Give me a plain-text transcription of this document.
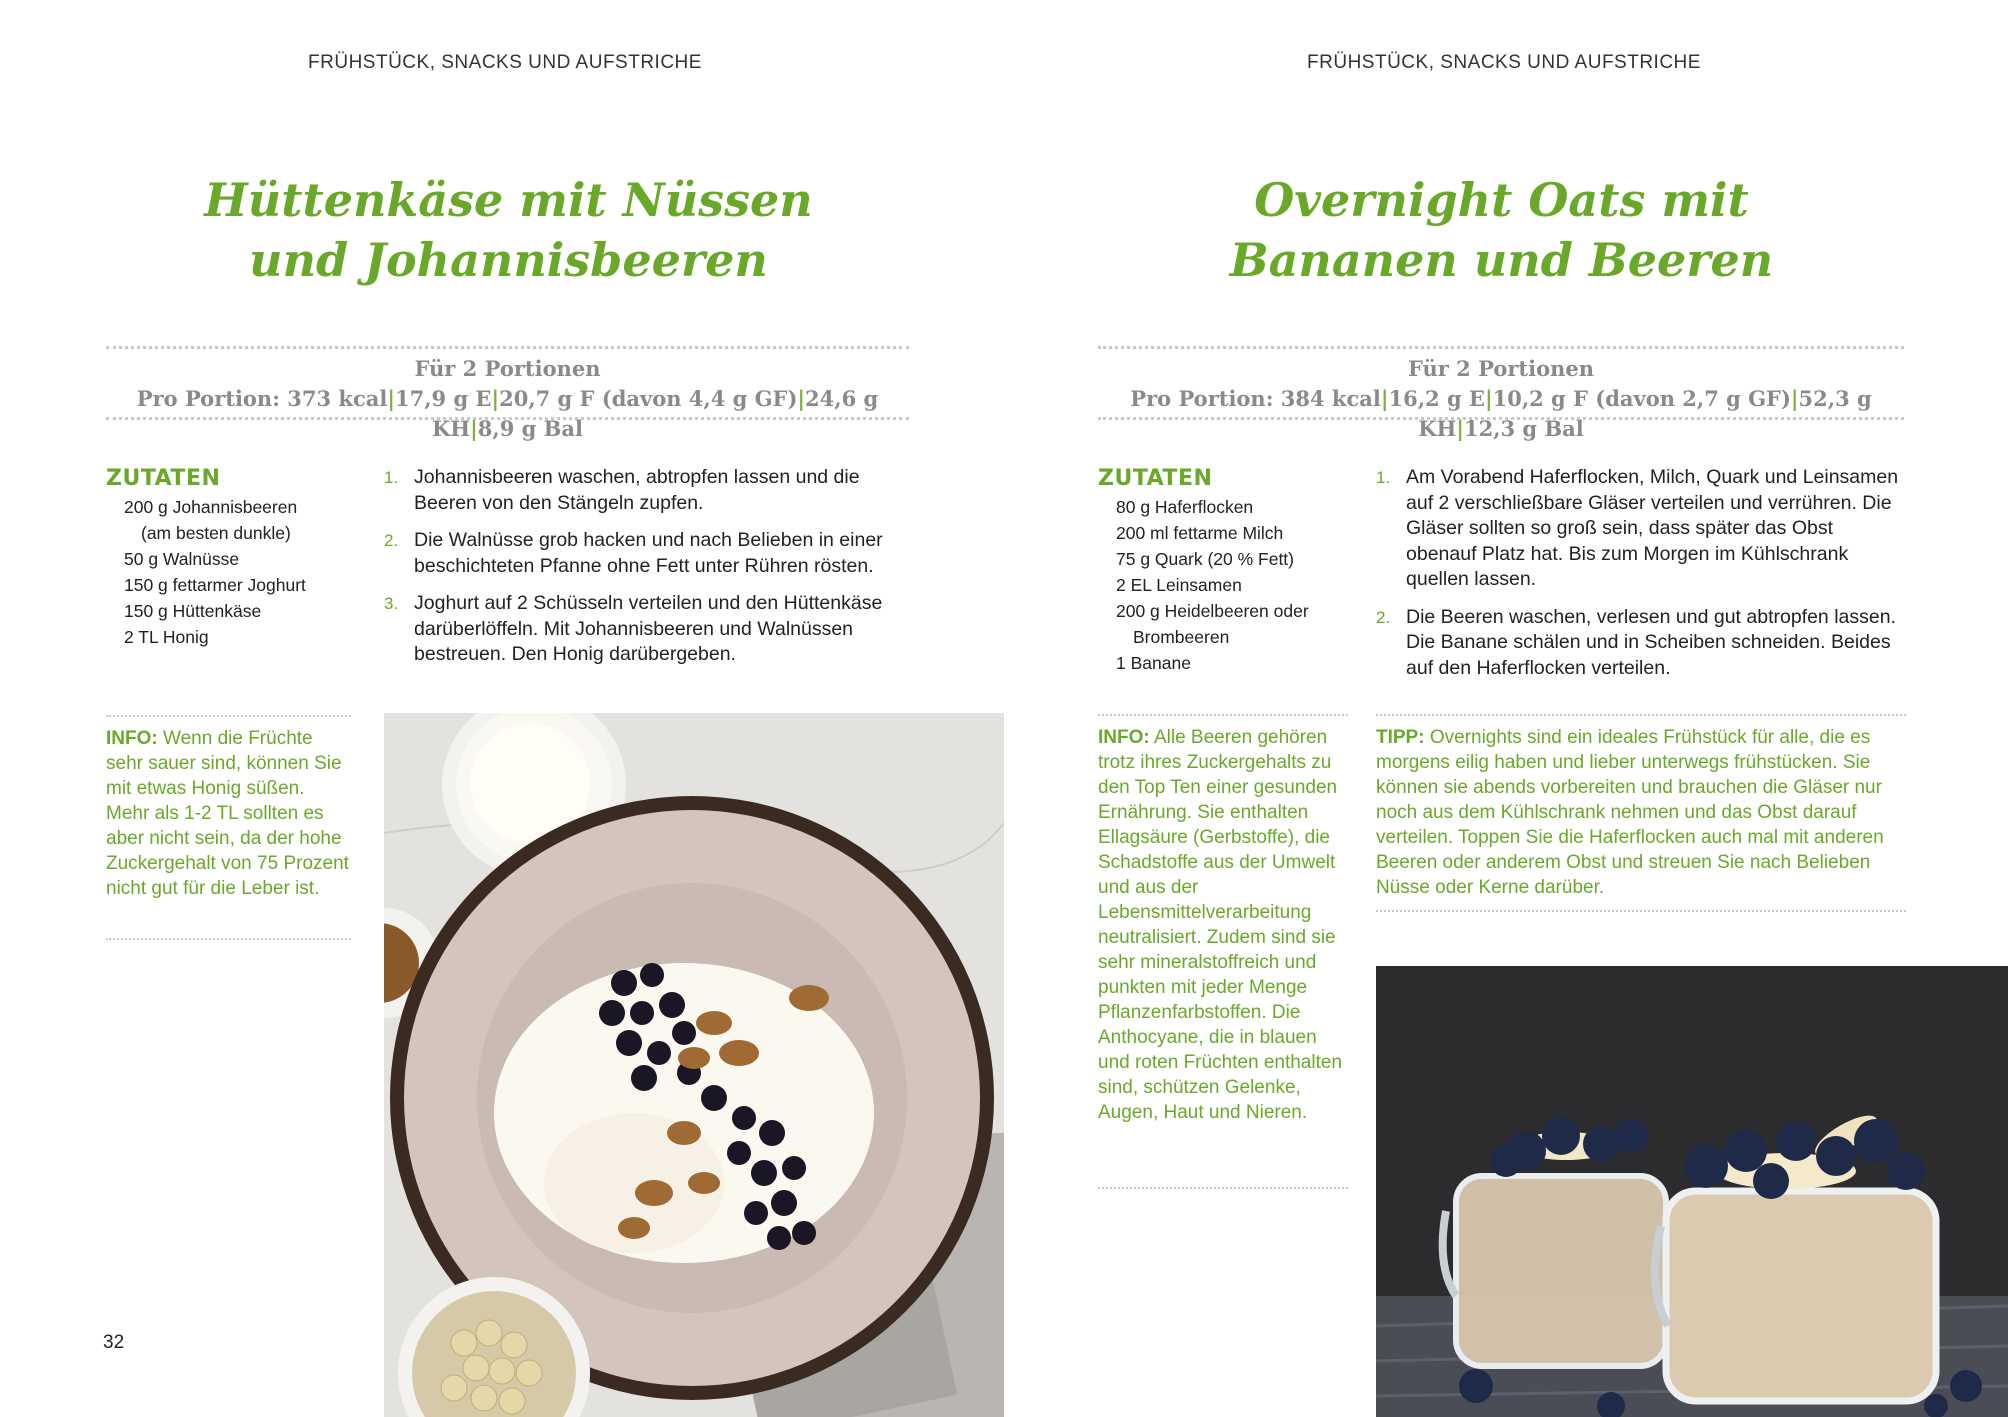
FRÜHSTÜCK, SNACKS UND AUFSTRICHE
Hüttenkäse mit Nüssen
und Johannisbeeren
Für 2 Portionen
Pro Portion: 373 kcal|17,9 g E|20,7 g F (davon 4,4 g GF)|24,6 g KH|8,9 g Bal
ZUTATEN
200 g Johannisbeeren
(am besten dunkle)
50 g Walnüsse
150 g fettarmer Joghurt
150 g Hüttenkäse
2 TL Honig
1. Johannisbeeren waschen, abtropfen lassen und die Beeren von den Stängeln zupfen.
2. Die Walnüsse grob hacken und nach Belieben in einer beschichteten Pfanne ohne Fett unter Rühren rösten.
3. Joghurt auf 2 Schüsseln verteilen und den Hüttenkäse darüberlöffeln. Mit Johannisbeeren und Walnüssen bestreuen. Den Honig darübergeben.
INFO: Wenn die Früchte sehr sauer sind, können Sie mit etwas Honig süßen. Mehr als 1-2 TL sollten es aber nicht sein, da der hohe Zuckergehalt von 75 Prozent nicht gut für die Leber ist.
32
FRÜHSTÜCK, SNACKS UND AUFSTRICHE
Overnight Oats mit
Bananen und Beeren
Für 2 Portionen
Pro Portion: 384 kcal|16,2 g E|10,2 g F (davon 2,7 g GF)|52,3 g KH|12,3 g Bal
ZUTATEN
80 g Haferflocken
200 ml fettarme Milch
75 g Quark (20 % Fett)
2 EL Leinsamen
200 g Heidelbeeren oder
Brombeeren
1 Banane
1. Am Vorabend Haferflocken, Milch, Quark und Leinsamen auf 2 verschließbare Gläser verteilen und verrühren. Die Gläser sollten so groß sein, dass später das Obst obenauf Platz hat. Bis zum Morgen im Kühlschrank quellen lassen.
2. Die Beeren waschen, verlesen und gut abtropfen lassen. Die Banane schälen und in Scheiben schneiden. Beides auf den Haferflocken verteilen.
INFO: Alle Beeren gehören trotz ihres Zuckergehalts zu den Top Ten einer gesunden Ernährung. Sie enthalten Ellagsäure (Gerbstoffe), die Schadstoffe aus der Umwelt und aus der Lebensmittelverarbeitung neutralisiert. Zudem sind sie sehr mineralstoffreich und punkten mit jeder Menge Pflanzenfarbstoffen. Die Anthocyane, die in blauen und roten Früchten enthalten sind, schützen Gelenke, Augen, Haut und Nieren.
TIPP: Overnights sind ein ideales Frühstück für alle, die es morgens eilig haben und lieber unterwegs frühstücken. Sie können sie abends vorbereiten und brauchen die Gläser nur noch aus dem Kühlschrank nehmen und das Obst darauf verteilen. Toppen Sie die Haferflocken auch mal mit anderen Beeren oder anderem Obst und streuen Sie nach Belieben Nüsse oder Kerne darüber.
